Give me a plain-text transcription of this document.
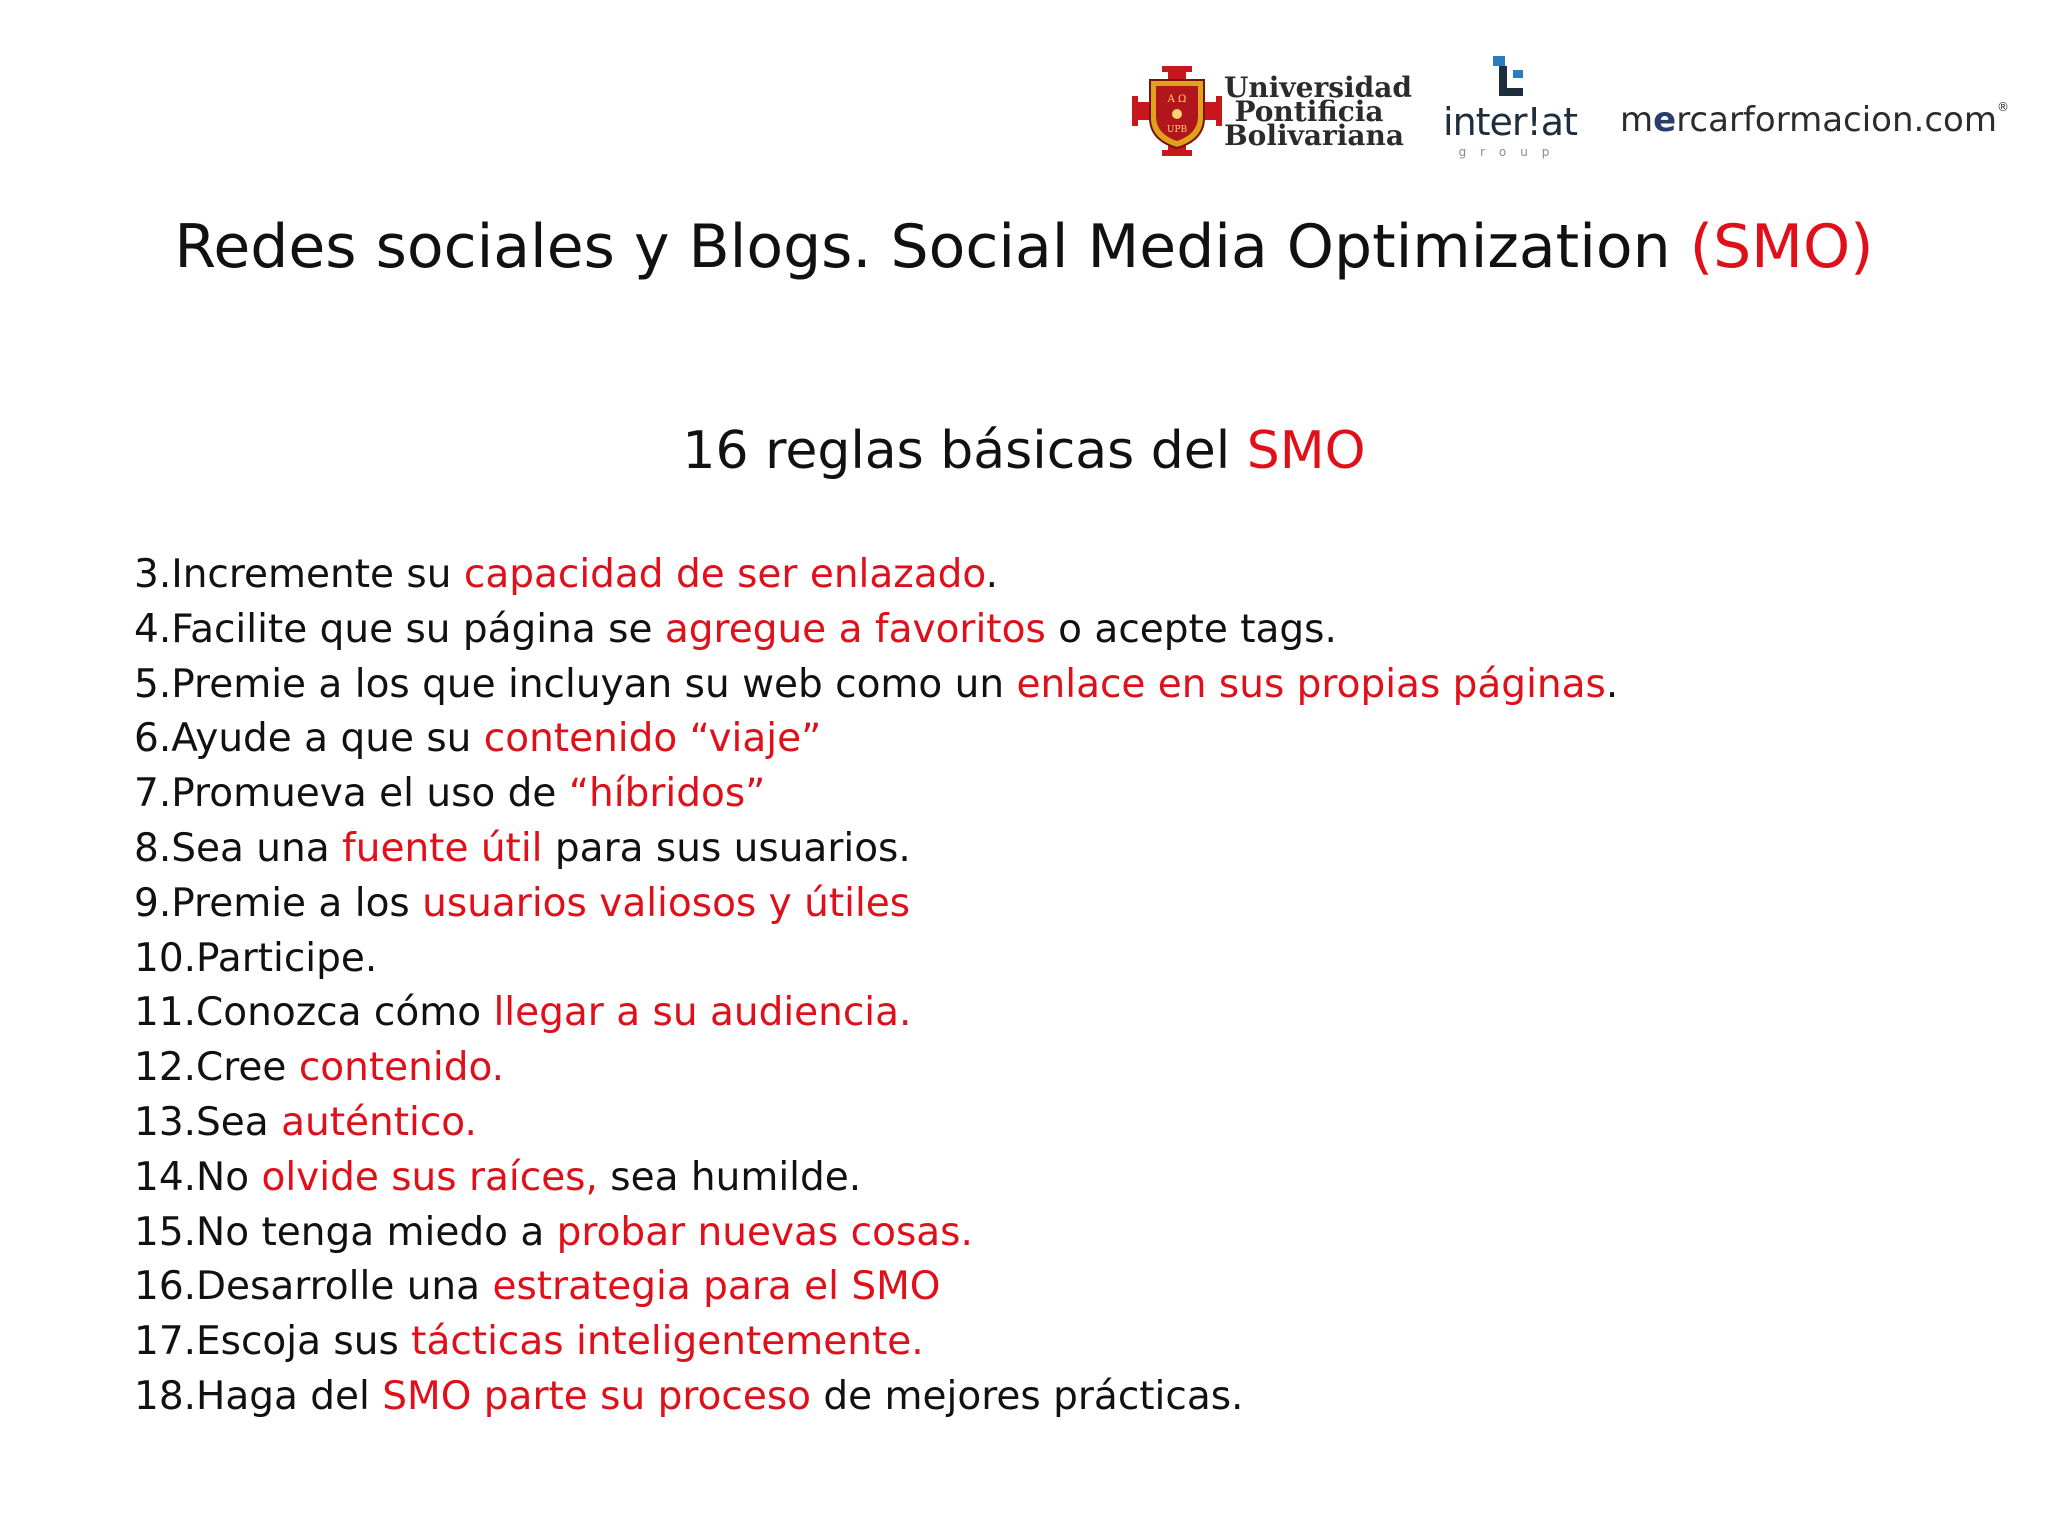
Α Ω
UPB
Universidad
Pontificia
Bolivariana inter!at
group
mercarformacion.com®
Redes sociales y Blogs. Social Media Optimization (SMO)
16 reglas básicas del SMO
3.Incremente su capacidad de ser enlazado.
4.Facilite que su página se agregue a favoritos o acepte tags.
5.Premie a los que incluyan su web como un enlace en sus propias páginas.
6.Ayude a que su contenido “viaje”
7.Promueva el uso de “híbridos”
8.Sea una fuente útil para sus usuarios.
9.Premie a los usuarios valiosos y útiles
10.Participe.
11.Conozca cómo llegar a su audiencia.
12.Cree contenido.
13.Sea auténtico.
14.No olvide sus raíces, sea humilde.
15.No tenga miedo a probar nuevas cosas.
16.Desarrolle una estrategia para el SMO
17.Escoja sus tácticas inteligentemente.
18.Haga del SMO parte su proceso de mejores prácticas.
